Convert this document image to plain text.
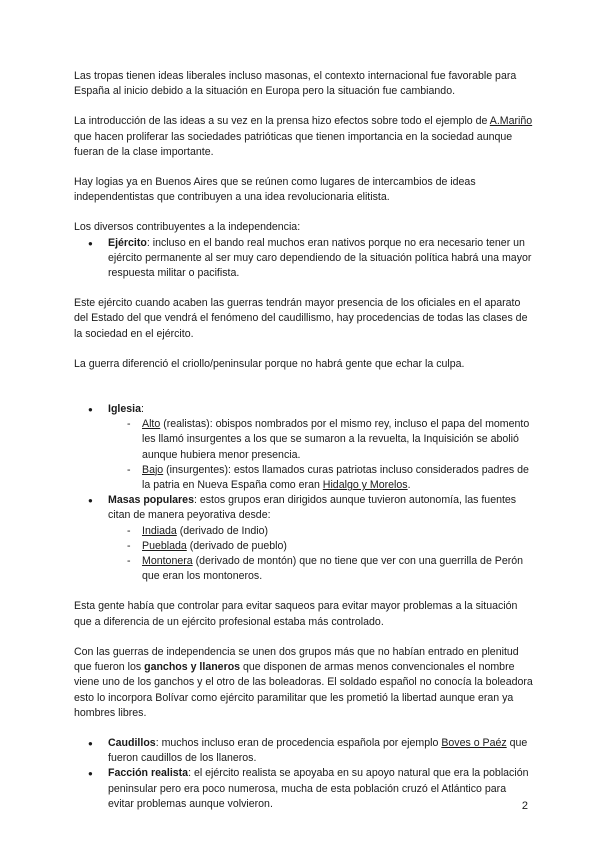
Las tropas tienen ideas liberales incluso masonas, el contexto internacional fue favorable para España al inicio debido a la situación en Europa pero la situación fue cambiando.

La introducción de las ideas a su vez en la prensa hizo efectos sobre todo el ejemplo de A.Mariño que hacen proliferar las sociedades patrióticas que tienen importancia en la sociedad aunque fueran de la clase importante.

Hay logias ya en Buenos Aires que se reúnen como lugares de intercambios de ideas independentistas que contribuyen a una idea revolucionaria elitista.

Los diversos contribuyentes a la independencia:
● Ejército: incluso en el bando real muchos eran nativos porque no era necesario tener un ejército permanente al ser muy caro dependiendo de la situación política habrá una mayor respuesta militar o pacifista.

Este ejército cuando acaben las guerras tendrán mayor presencia de los oficiales en el aparato del Estado del que vendrá el fenómeno del caudillismo, hay procedencias de todas las clases de la sociedad en el ejército.

La guerra diferenció el criollo/peninsular porque no habrá gente que echar la culpa.

● Iglesia:
- Alto (realistas): obispos nombrados por el mismo rey, incluso el papa del momento les llamó insurgentes a los que se sumaron a la revuelta, la Inquisición se abolió aunque hubiera menor presencia.
- Bajo (insurgentes): estos llamados curas patriotas incluso considerados padres de la patria en Nueva España como eran Hidalgo y Morelos.
● Masas populares: estos grupos eran dirigidos aunque tuvieron autonomía, las fuentes citan de manera peyorativa desde:
- Indiada (derivado de Indio)
- Pueblada (derivado de pueblo)
- Montonera (derivado de montón) que no tiene que ver con una guerrilla de Perón que eran los montoneros.

Esta gente había que controlar para evitar saqueos para evitar mayor problemas a la situación que a diferencia de un ejército profesional estaba más controlado.

Con las guerras de independencia se unen dos grupos más que no habían entrado en plenitud que fueron los ganchos y llaneros que disponen de armas menos convencionales el nombre viene uno de los ganchos y el otro de las boleadoras. El soldado español no conocía la boleadora esto lo incorpora Bolívar como ejército paramilitar que les prometió la libertad aunque eran ya hombres libres.

● Caudillos: muchos incluso eran de procedencia española por ejemplo Boves o Paéz que fueron caudillos de los llaneros.
● Facción realista: el ejército realista se apoyaba en su apoyo natural que era la población peninsular pero era poco numerosa, mucha de esta población cruzó el Atlántico para evitar problemas aunque volvieron.	2
